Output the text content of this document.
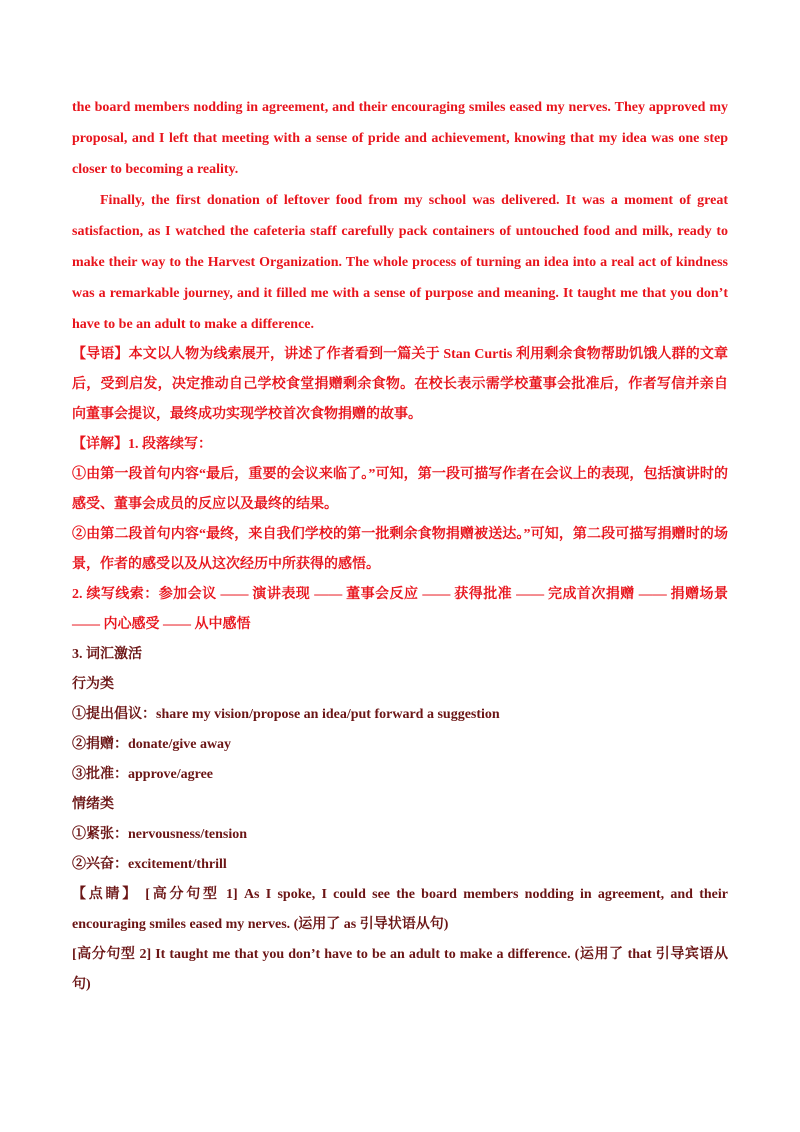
the board members nodding in agreement, and their encouraging smiles eased my nerves. They approved my proposal, and I left that meeting with a sense of pride and achievement, knowing that my idea was one step closer to becoming a reality.

Finally, the first donation of leftover food from my school was delivered. It was a moment of great satisfaction, as I watched the cafeteria staff carefully pack containers of untouched food and milk, ready to make their way to the Harvest Organization. The whole process of turning an idea into a real act of kindness was a remarkable journey, and it filled me with a sense of purpose and meaning. It taught me that you don’t have to be an adult to make a difference.

【导语】本文以人物为线索展开，讲述了作者看到一篇关于 Stan Curtis 利用剩余食物帮助饥饿人群的文章后，受到启发，决定推动自己学校食堂捐赠剩余食物。在校长表示需学校董事会批准后，作者写信并亲自向董事会提议，最终成功实现学校首次食物捐赠的故事。

【详解】1. 段落续写：

①由第一段首句内容“最后，重要的会议来临了。”可知，第一段可描写作者在会议上的表现，包括演讲时的感受、董事会成员的反应以及最终的结果。

②由第二段首句内容“最终，来自我们学校的第一批剩余食物捐赠被送达。”可知，第二段可描写捐赠时的场景，作者的感受以及从这次经历中所获得的感悟。

2. 续写线索：参加会议 —— 演讲表现 —— 董事会反应 —— 获得批准 —— 完成首次捐赠 —— 捐赠场景 —— 内心感受 —— 从中感悟

3. 词汇激活

行为类

①提出倡议：share my vision/propose an idea/put forward a suggestion

②捐赠：donate/give away

③批准：approve/agree

情绪类

①紧张：nervousness/tension

②兴奋：excitement/thrill

【点睛】 [高分句型 1] As I spoke, I could see the board members nodding in agreement, and their encouraging smiles eased my nerves. (运用了 as 引导状语从句)

[高分句型 2] It taught me that you don’t have to be an adult to make a difference. (运用了 that 引导宾语从句)
